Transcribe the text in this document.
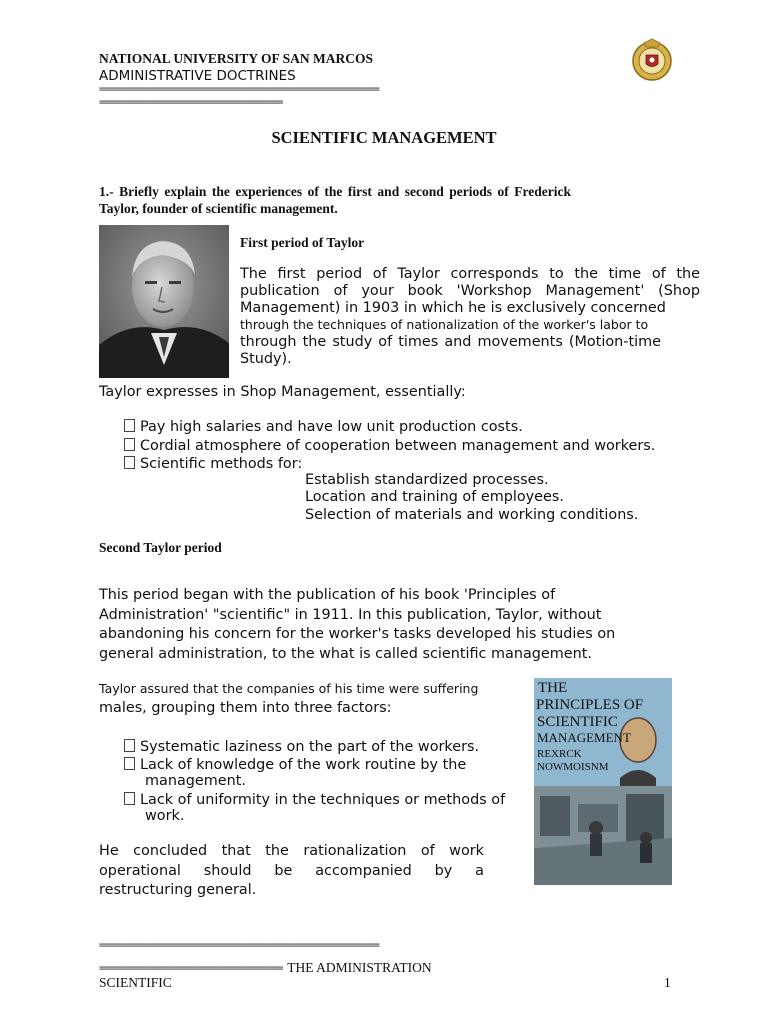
NATIONAL UNIVERSITY OF SAN MARCOS
ADMINISTRATIVE DOCTRINES
==========================================================
======================================
SCIENTIFIC MANAGEMENT
1.- Briefly explain the experiences of the first and second periods of Frederick Taylor, founder of scientific management.
First period of Taylor
The first period of Taylor corresponds to the time of the publication of your book 'Workshop Management' (Shop Management) in 1903 in which he is exclusively concerned
through the techniques of nationalization of the worker's labor to
through the study of times and movements (Motion-time Study).
Taylor expresses in Shop Management, essentially:
Pay high salaries and have low unit production costs.
Cordial atmosphere of cooperation between management and workers.
Scientific methods for:
Establish standardized processes.
Location and training of employees.
Selection of materials and working conditions.
Second Taylor period
This period began with the publication of his book 'Principles of Administration' "scientific" in 1911. In this publication, Taylor, without abandoning his concern for the worker's tasks developed his studies on general administration, to the what is called scientific management.
Taylor assured that the companies of his time were suffering
males, grouping them into three factors:
Systematic laziness on the part of the workers.
Lack of knowledge of the work routine by the
management.
Lack of uniformity in the techniques or methods of
work.
He concluded that the rationalization of work operational should be accompanied by a restructuring general.
THE
PRINCIPLES OF
SCIENTIFIC
MANAGEMENT
REXRCK
NOWMOISNM
==========================================================
====================================== THE ADMINISTRATION
SCIENTIFIC	1
